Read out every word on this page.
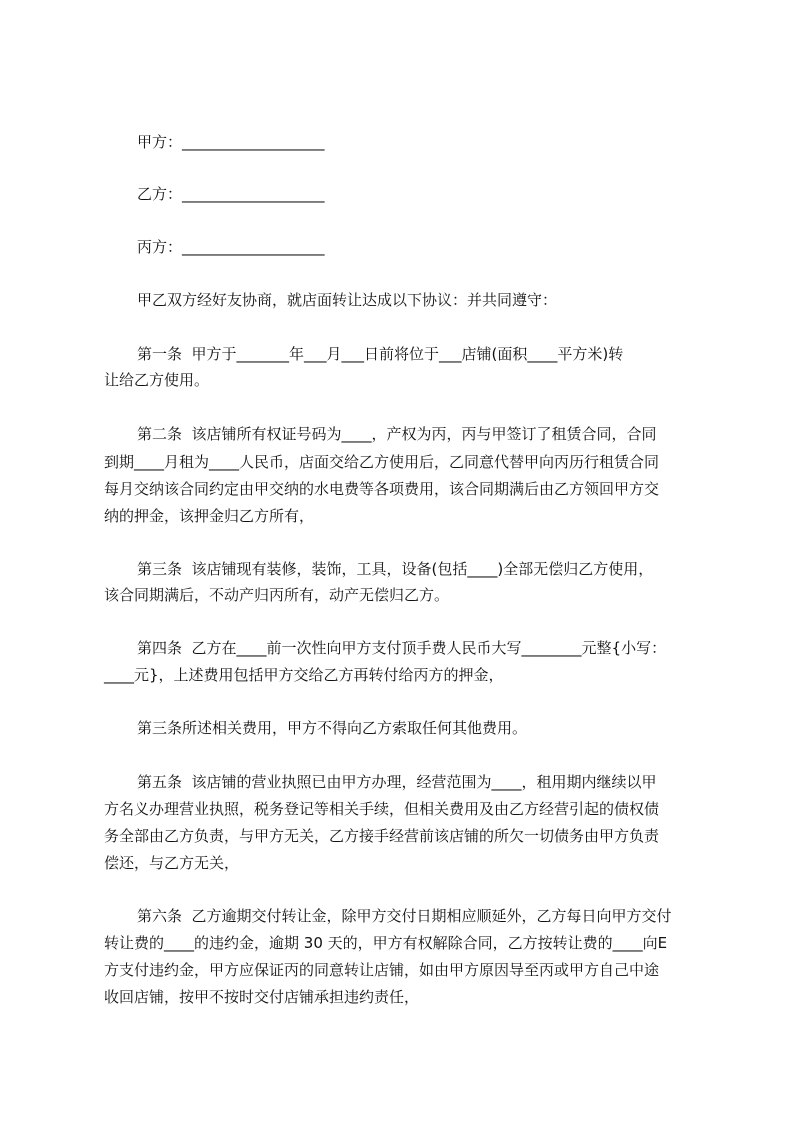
甲方：___________________
乙方：___________________
丙方：___________________
甲乙双方经好友协商，就店面转让达成以下协议：并共同遵守：
第一条  甲方于_______年___月___日前将位于___店铺(面积____平方米)转
让给乙方使用。
第二条  该店铺所有权证号码为____，产权为丙，丙与甲签订了租赁合同，合同
到期____月租为____人民币，店面交给乙方使用后，乙同意代替甲向丙历行租赁合同
每月交纳该合同约定由甲交纳的水电费等各项费用，该合同期满后由乙方领回甲方交
纳的押金，该押金归乙方所有，
第三条  该店铺现有装修，装饰，工具，设备(包括____)全部无偿归乙方使用，
该合同期满后，不动产归丙所有，动产无偿归乙方。
第四条  乙方在____前一次性向甲方支付顶手费人民币大写________元整{小写：
____元}，上述费用包括甲方交给乙方再转付给丙方的押金，
第三条所述相关费用，甲方不得向乙方索取任何其他费用。
第五条  该店铺的营业执照已由甲方办理，经营范围为____，租用期内继续以甲
方名义办理营业执照，税务登记等相关手续，但相关费用及由乙方经营引起的债权债
务全部由乙方负责，与甲方无关，乙方接手经营前该店铺的所欠一切债务由甲方负责
偿还，与乙方无关，
第六条  乙方逾期交付转让金，除甲方交付日期相应顺延外，乙方每日向甲方交付
转让费的____的违约金，逾期 30 天的，甲方有权解除合同，乙方按转让费的____向E
方支付违约金，甲方应保证丙的同意转让店铺，如由甲方原因导至丙或甲方自己中途
收回店铺，按甲不按时交付店铺承担违约责任，
